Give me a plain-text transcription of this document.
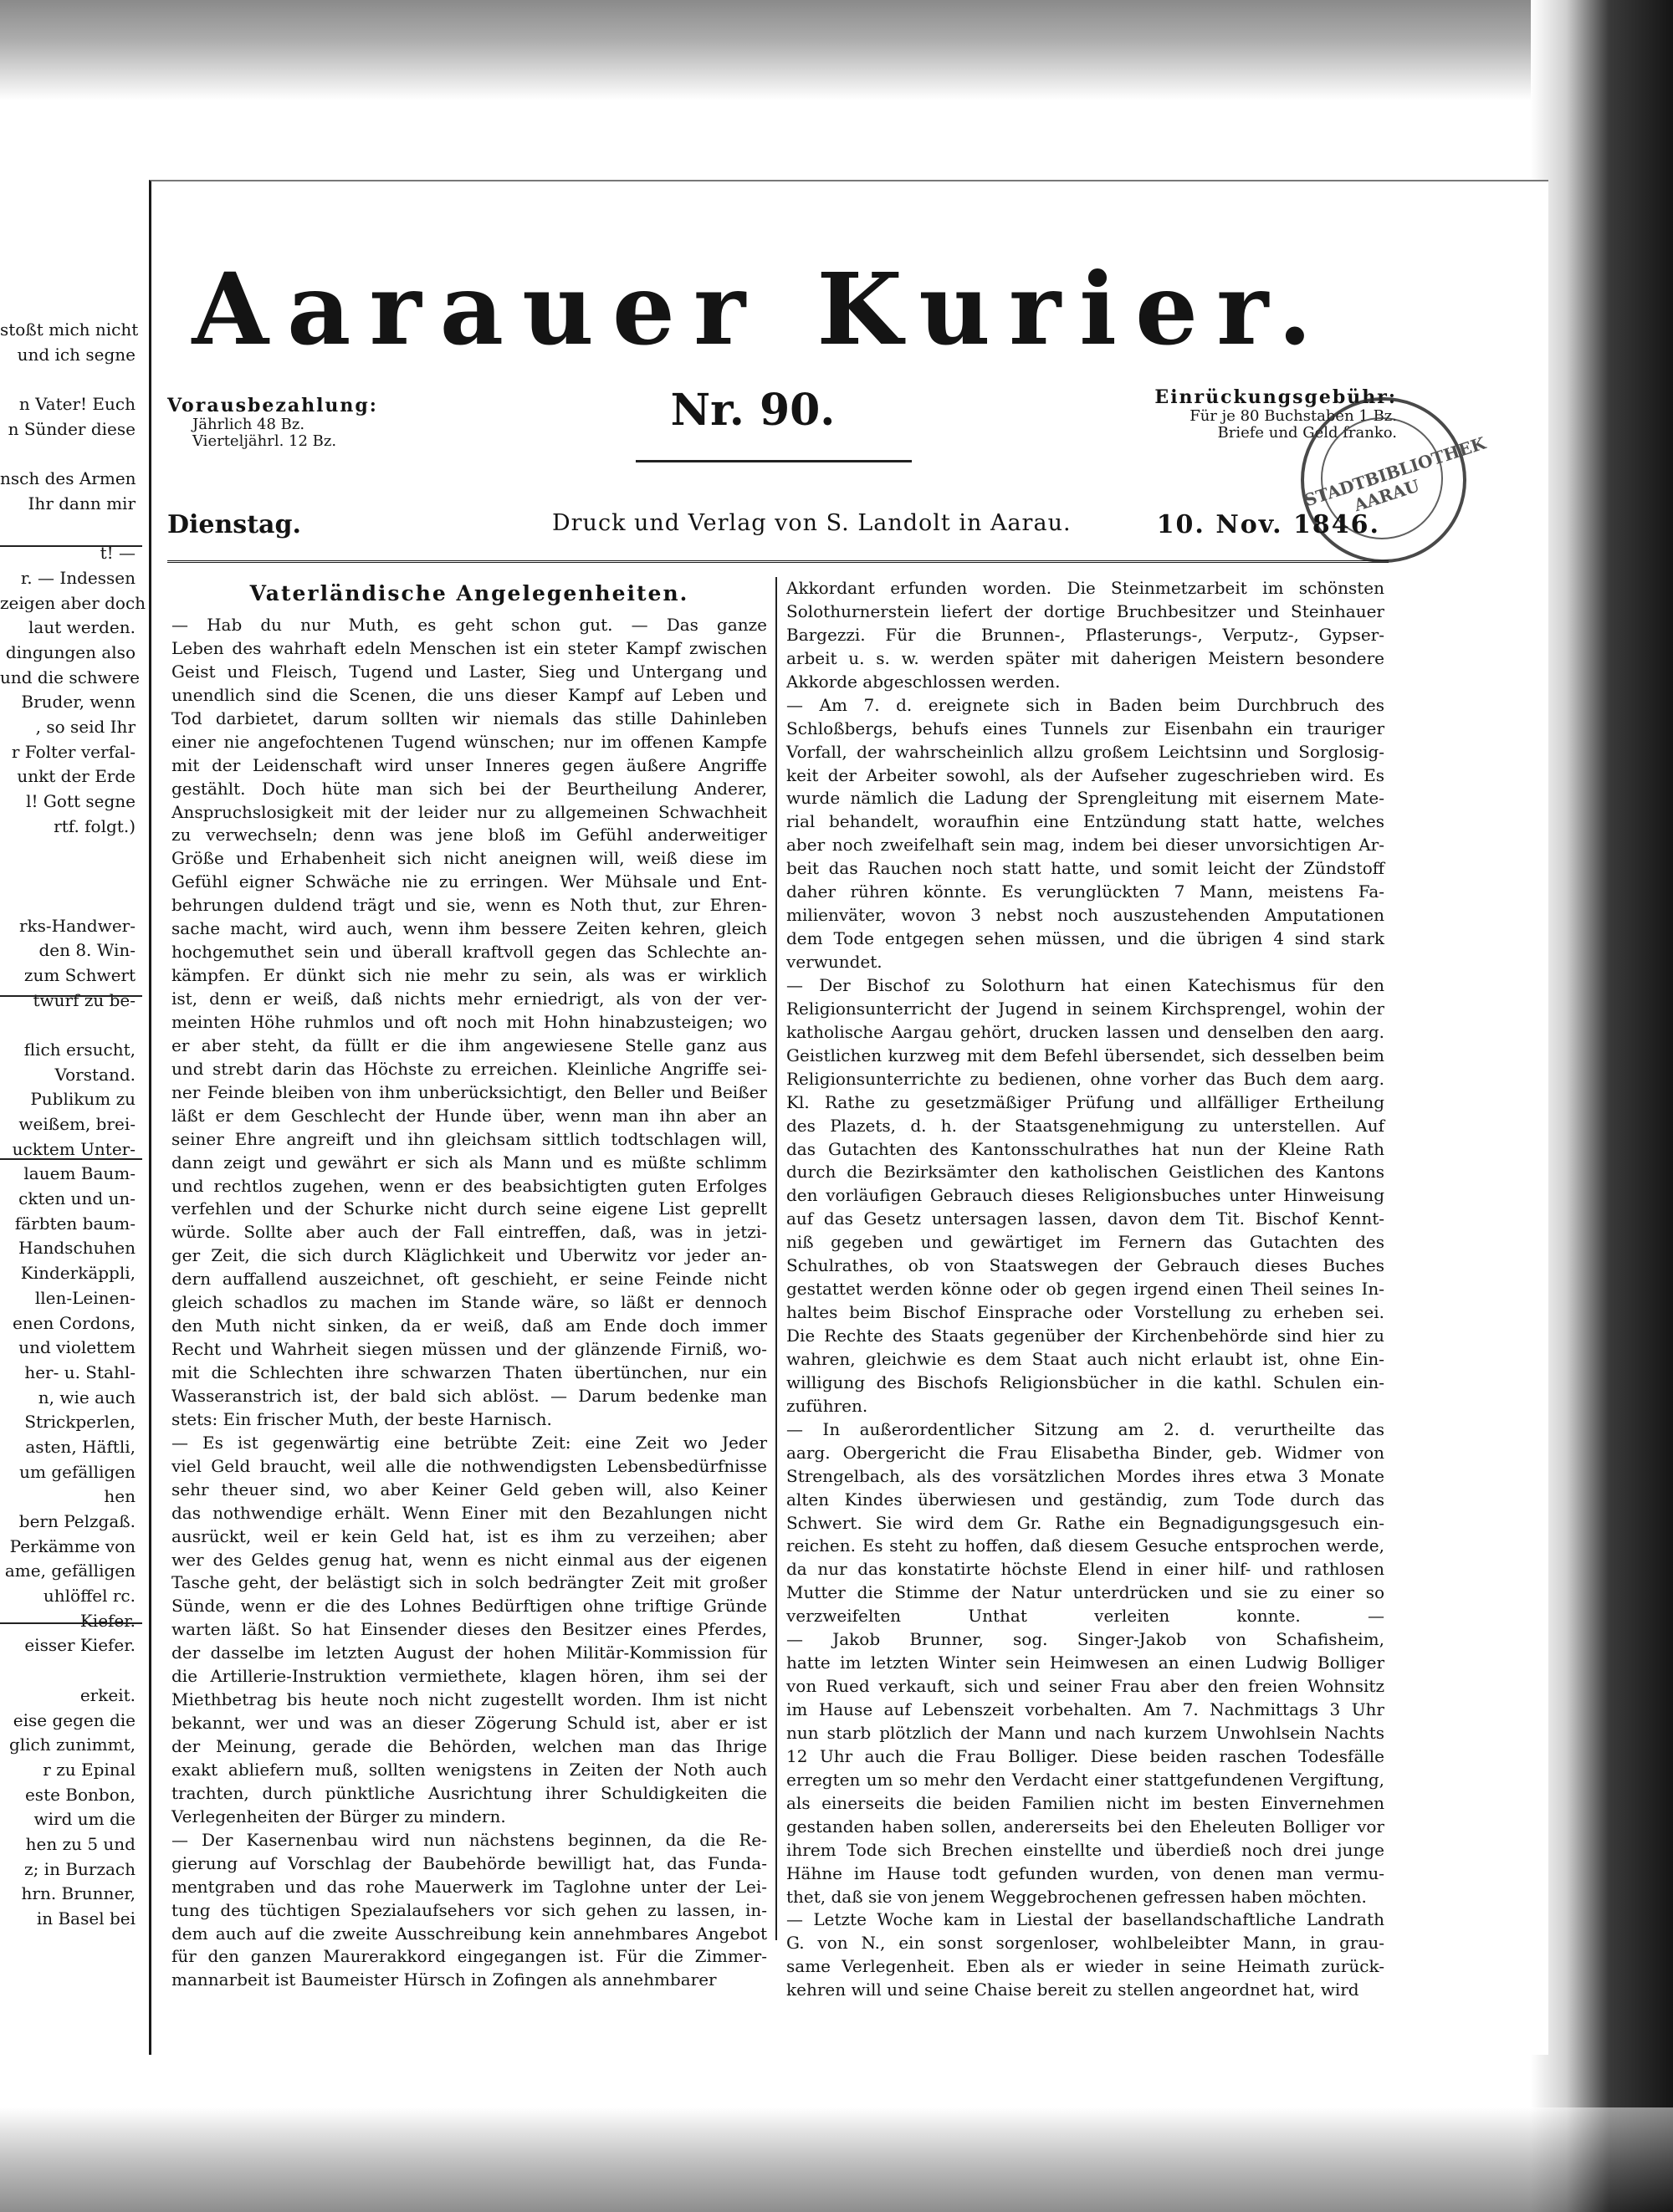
stoßt mich nicht
und ich segne
n Vater! Euch
n Sünder diese
nsch des Armen
Ihr dann mir
t! —
r. — Indessen
zeigen aber doch
laut werden.
dingungen also
und die schwere
Bruder, wenn
, so seid Ihr
r Folter verfal-
unkt der Erde
l! Gott segne
rtf. folgt.)
rks-Handwer-
den 8. Win-
zum Schwert
twurf zu be-
flich ersucht,
Vorstand.
Publikum zu
weißem, brei-
ucktem Unter-
lauem Baum-
ckten und un-
färbten baum-
Handschuhen
Kinderkäppli,
llen-Leinen-
enen Cordons,
und violettem
her- u. Stahl-
n, wie auch
Strickperlen,
asten, Häftli,
um gefälligen
hen
bern Pelzgaß.
Perkämme von
ame, gefälligen
uhlöffel rc.
Kiefer.
eisser Kiefer.
erkeit.
eise gegen die
glich zunimmt,
r zu Epinal
este Bonbon,
wird um die
hen zu 5 und
z; in Burzach
hrn. Brunner,
in Basel bei
Aarauer Kurier.
Vorausbezahlung:
Jährlich 48 Bz.
Vierteljährl. 12 Bz.
Nr. 90.	Einrückungsgebühr:
Für je 80 Buchstaben 1 Bz.
Briefe und Geld franko.
STADTBIBLIOTHEK AARAU
Dienstag.	Druck und Verlag von S. Landolt in Aarau.	10. Nov. 1846.
Vaterländische Angelegenheiten.
— Hab du nur Muth, es geht schon gut. — Das ganze
Leben des wahrhaft edeln Menschen ist ein steter Kampf zwischen
Geist und Fleisch, Tugend und Laster, Sieg und Untergang und
unendlich sind die Scenen, die uns dieser Kampf auf Leben und
Tod darbietet, darum sollten wir niemals das stille Dahinleben
einer nie angefochtenen Tugend wünschen; nur im offenen Kampfe
mit der Leidenschaft wird unser Inneres gegen äußere Angriffe
gestählt. Doch hüte man sich bei der Beurtheilung Anderer,
Anspruchslosigkeit mit der leider nur zu allgemeinen Schwachheit
zu verwechseln; denn was jene bloß im Gefühl anderweitiger
Größe und Erhabenheit sich nicht aneignen will, weiß diese im
Gefühl eigner Schwäche nie zu erringen. Wer Mühsale und Ent-
behrungen duldend trägt und sie, wenn es Noth thut, zur Ehren-
sache macht, wird auch, wenn ihm bessere Zeiten kehren, gleich
hochgemuthet sein und überall kraftvoll gegen das Schlechte an-
kämpfen. Er dünkt sich nie mehr zu sein, als was er wirklich
ist, denn er weiß, daß nichts mehr erniedrigt, als von der ver-
meinten Höhe ruhmlos und oft noch mit Hohn hinabzusteigen; wo
er aber steht, da füllt er die ihm angewiesene Stelle ganz aus
und strebt darin das Höchste zu erreichen. Kleinliche Angriffe sei-
ner Feinde bleiben von ihm unberücksichtigt, den Beller und Beißer
läßt er dem Geschlecht der Hunde über, wenn man ihn aber an
seiner Ehre angreift und ihn gleichsam sittlich todtschlagen will,
dann zeigt und gewährt er sich als Mann und es müßte schlimm
und rechtlos zugehen, wenn er des beabsichtigten guten Erfolges
verfehlen und der Schurke nicht durch seine eigene List geprellt
würde. Sollte aber auch der Fall eintreffen, daß, was in jetzi-
ger Zeit, die sich durch Kläglichkeit und Uberwitz vor jeder an-
dern auffallend auszeichnet, oft geschieht, er seine Feinde nicht
gleich schadlos zu machen im Stande wäre, so läßt er dennoch
den Muth nicht sinken, da er weiß, daß am Ende doch immer
Recht und Wahrheit siegen müssen und der glänzende Firniß, wo-
mit die Schlechten ihre schwarzen Thaten übertünchen, nur ein
Wasseranstrich ist, der bald sich ablöst. — Darum bedenke man
stets: Ein frischer Muth, der beste Harnisch.
— Es ist gegenwärtig eine betrübte Zeit: eine Zeit wo Jeder
viel Geld braucht, weil alle die nothwendigsten Lebensbedürfnisse
sehr theuer sind, wo aber Keiner Geld geben will, also Keiner
das nothwendige erhält. Wenn Einer mit den Bezahlungen nicht
ausrückt, weil er kein Geld hat, ist es ihm zu verzeihen; aber
wer des Geldes genug hat, wenn es nicht einmal aus der eigenen
Tasche geht, der belästigt sich in solch bedrängter Zeit mit großer
Sünde, wenn er die des Lohnes Bedürftigen ohne triftige Gründe
warten läßt. So hat Einsender dieses den Besitzer eines Pferdes,
der dasselbe im letzten August der hohen Militär-Kommission für
die Artillerie-Instruktion vermiethete, klagen hören, ihm sei der
Miethbetrag bis heute noch nicht zugestellt worden. Ihm ist nicht
bekannt, wer und was an dieser Zögerung Schuld ist, aber er ist
der Meinung, gerade die Behörden, welchen man das Ihrige
exakt abliefern muß, sollten wenigstens in Zeiten der Noth auch
trachten, durch pünktliche Ausrichtung ihrer Schuldigkeiten die
Verlegenheiten der Bürger zu mindern.
— Der Kasernenbau wird nun nächstens beginnen, da die Re-
gierung auf Vorschlag der Baubehörde bewilligt hat, das Funda-
mentgraben und das rohe Mauerwerk im Taglohne unter der Lei-
tung des tüchtigen Spezialaufsehers vor sich gehen zu lassen, in-
dem auch auf die zweite Ausschreibung kein annehmbares Angebot
für den ganzen Maurerakkord eingegangen ist. Für die Zimmer-
mannarbeit ist Baumeister Hürsch in Zofingen als annehmbarer
Akkordant erfunden worden. Die Steinmetzarbeit im schönsten
Solothurnerstein liefert der dortige Bruchbesitzer und Steinhauer
Bargezzi. Für die Brunnen-, Pflasterungs-, Verputz-, Gypser-
arbeit u. s. w. werden später mit daherigen Meistern besondere
Akkorde abgeschlossen werden.
— Am 7. d. ereignete sich in Baden beim Durchbruch des
Schloßbergs, behufs eines Tunnels zur Eisenbahn ein trauriger
Vorfall, der wahrscheinlich allzu großem Leichtsinn und Sorglosig-
keit der Arbeiter sowohl, als der Aufseher zugeschrieben wird. Es
wurde nämlich die Ladung der Sprengleitung mit eisernem Mate-
rial behandelt, woraufhin eine Entzündung statt hatte, welches
aber noch zweifelhaft sein mag, indem bei dieser unvorsichtigen Ar-
beit das Rauchen noch statt hatte, und somit leicht der Zündstoff
daher rühren könnte. Es verunglückten 7 Mann, meistens Fa-
milienväter, wovon 3 nebst noch auszustehenden Amputationen
dem Tode entgegen sehen müssen, und die übrigen 4 sind stark
verwundet.
— Der Bischof zu Solothurn hat einen Katechismus für den
Religionsunterricht der Jugend in seinem Kirchsprengel, wohin der
katholische Aargau gehört, drucken lassen und denselben den aarg.
Geistlichen kurzweg mit dem Befehl übersendet, sich desselben beim
Religionsunterrichte zu bedienen, ohne vorher das Buch dem aarg.
Kl. Rathe zu gesetzmäßiger Prüfung und allfälliger Ertheilung
des Plazets, d. h. der Staatsgenehmigung zu unterstellen. Auf
das Gutachten des Kantonsschulrathes hat nun der Kleine Rath
durch die Bezirksämter den katholischen Geistlichen des Kantons
den vorläufigen Gebrauch dieses Religionsbuches unter Hinweisung
auf das Gesetz untersagen lassen, davon dem Tit. Bischof Kennt-
niß gegeben und gewärtiget im Fernern das Gutachten des
Schulrathes, ob von Staatswegen der Gebrauch dieses Buches
gestattet werden könne oder ob gegen irgend einen Theil seines In-
haltes beim Bischof Einsprache oder Vorstellung zu erheben sei.
Die Rechte des Staats gegenüber der Kirchenbehörde sind hier zu
wahren, gleichwie es dem Staat auch nicht erlaubt ist, ohne Ein-
willigung des Bischofs Religionsbücher in die kathl. Schulen ein-
zuführen.
— In außerordentlicher Sitzung am 2. d. verurtheilte das
aarg. Obergericht die Frau Elisabetha Binder, geb. Widmer von
Strengelbach, als des vorsätzlichen Mordes ihres etwa 3 Monate
alten Kindes überwiesen und geständig, zum Tode durch das
Schwert. Sie wird dem Gr. Rathe ein Begnadigungsgesuch ein-
reichen. Es steht zu hoffen, daß diesem Gesuche entsprochen werde,
da nur das konstatirte höchste Elend in einer hilf- und rathlosen
Mutter die Stimme der Natur unterdrücken und sie zu einer so
verzweifelten Unthat verleiten konnte. —
— Jakob Brunner, sog. Singer-Jakob von Schafisheim,
hatte im letzten Winter sein Heimwesen an einen Ludwig Bolliger
von Rued verkauft, sich und seiner Frau aber den freien Wohnsitz
im Hause auf Lebenszeit vorbehalten. Am 7. Nachmittags 3 Uhr
nun starb plötzlich der Mann und nach kurzem Unwohlsein Nachts
12 Uhr auch die Frau Bolliger. Diese beiden raschen Todesfälle
erregten um so mehr den Verdacht einer stattgefundenen Vergiftung,
als einerseits die beiden Familien nicht im besten Einvernehmen
gestanden haben sollen, andererseits bei den Eheleuten Bolliger vor
ihrem Tode sich Brechen einstellte und überdieß noch drei junge
Hähne im Hause todt gefunden wurden, von denen man vermu-
thet, daß sie von jenem Weggebrochenen gefressen haben möchten.
— Letzte Woche kam in Liestal der basellandschaftliche Landrath
G. von N., ein sonst sorgenloser, wohlbeleibter Mann, in grau-
same Verlegenheit. Eben als er wieder in seine Heimath zurück-
kehren will und seine Chaise bereit zu stellen angeordnet hat, wird
